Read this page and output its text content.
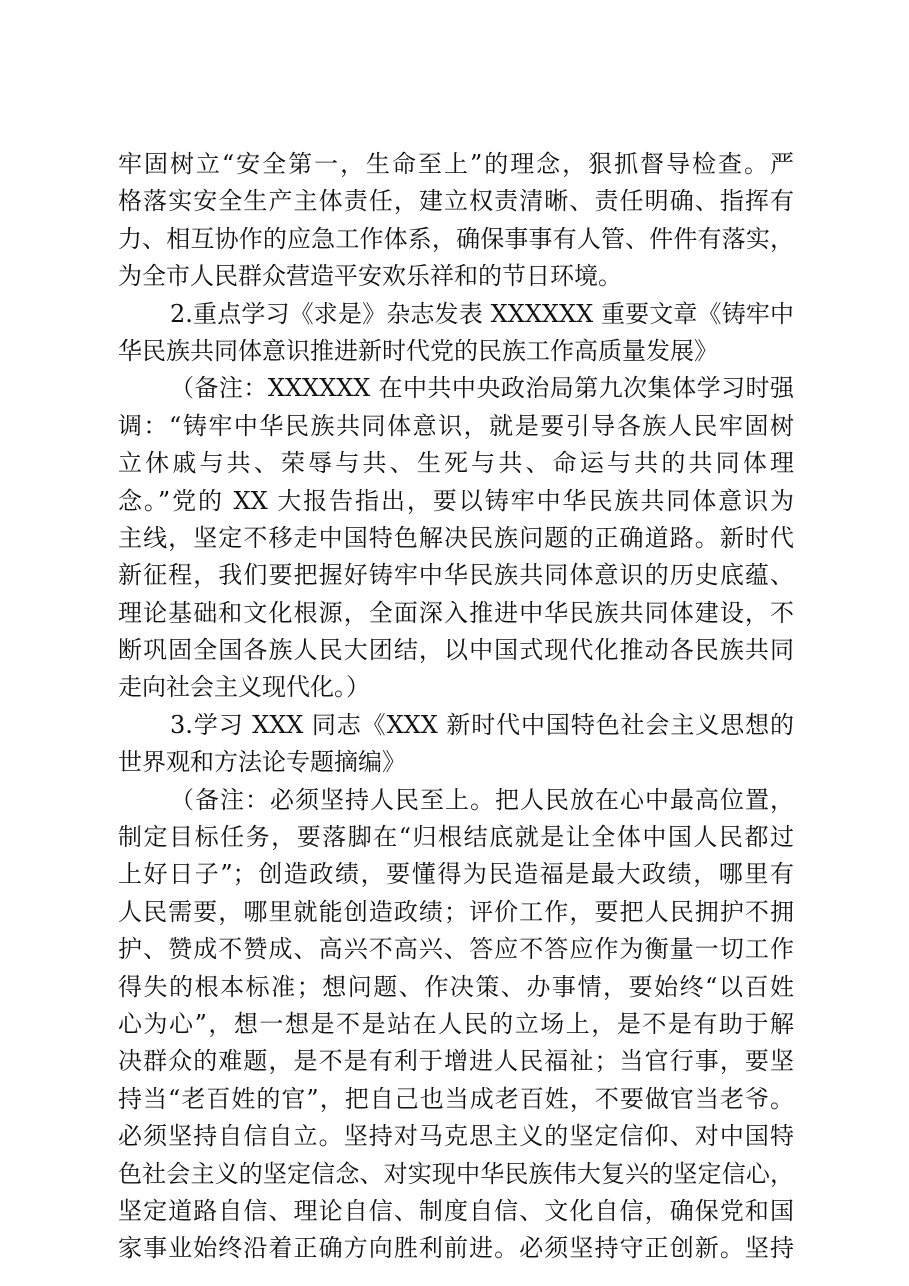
牢固树立“安全第一，生命至上”的理念，狠抓督导检查。严
格落实安全生产主体责任，建立权责清晰、责任明确、指挥有
力、相互协作的应急工作体系，确保事事有人管、件件有落实，
为全市人民群众营造平安欢乐祥和的节日环境。
2.重点学习《求是》杂志发表 XXXXXX 重要文章《铸牢中
华民族共同体意识推进新时代党的民族工作高质量发展》
（备注：XXXXXX 在中共中央政治局第九次集体学习时强
调：“铸牢中华民族共同体意识，就是要引导各族人民牢固树
立休戚与共、荣辱与共、生死与共、命运与共的共同体理
念。”党的 XX 大报告指出，要以铸牢中华民族共同体意识为
主线，坚定不移走中国特色解决民族问题的正确道路。新时代
新征程，我们要把握好铸牢中华民族共同体意识的历史底蕴、
理论基础和文化根源，全面深入推进中华民族共同体建设，不
断巩固全国各族人民大团结，以中国式现代化推动各民族共同
走向社会主义现代化。）
3.学习 XXX 同志《XXX 新时代中国特色社会主义思想的
世界观和方法论专题摘编》
（备注：必须坚持人民至上。把人民放在心中最高位置，
制定目标任务，要落脚在“归根结底就是让全体中国人民都过
上好日子”；创造政绩，要懂得为民造福是最大政绩，哪里有
人民需要，哪里就能创造政绩；评价工作，要把人民拥护不拥
护、赞成不赞成、高兴不高兴、答应不答应作为衡量一切工作
得失的根本标准；想问题、作决策、办事情，要始终“以百姓
心为心”，想一想是不是站在人民的立场上，是不是有助于解
决群众的难题，是不是有利于增进人民福祉；当官行事，要坚
持当“老百姓的官”，把自己也当成老百姓，不要做官当老爷。
必须坚持自信自立。坚持对马克思主义的坚定信仰、对中国特
色社会主义的坚定信念、对实现中华民族伟大复兴的坚定信心，
坚定道路自信、理论自信、制度自信、文化自信，确保党和国
家事业始终沿着正确方向胜利前进。必须坚持守正创新。坚持
